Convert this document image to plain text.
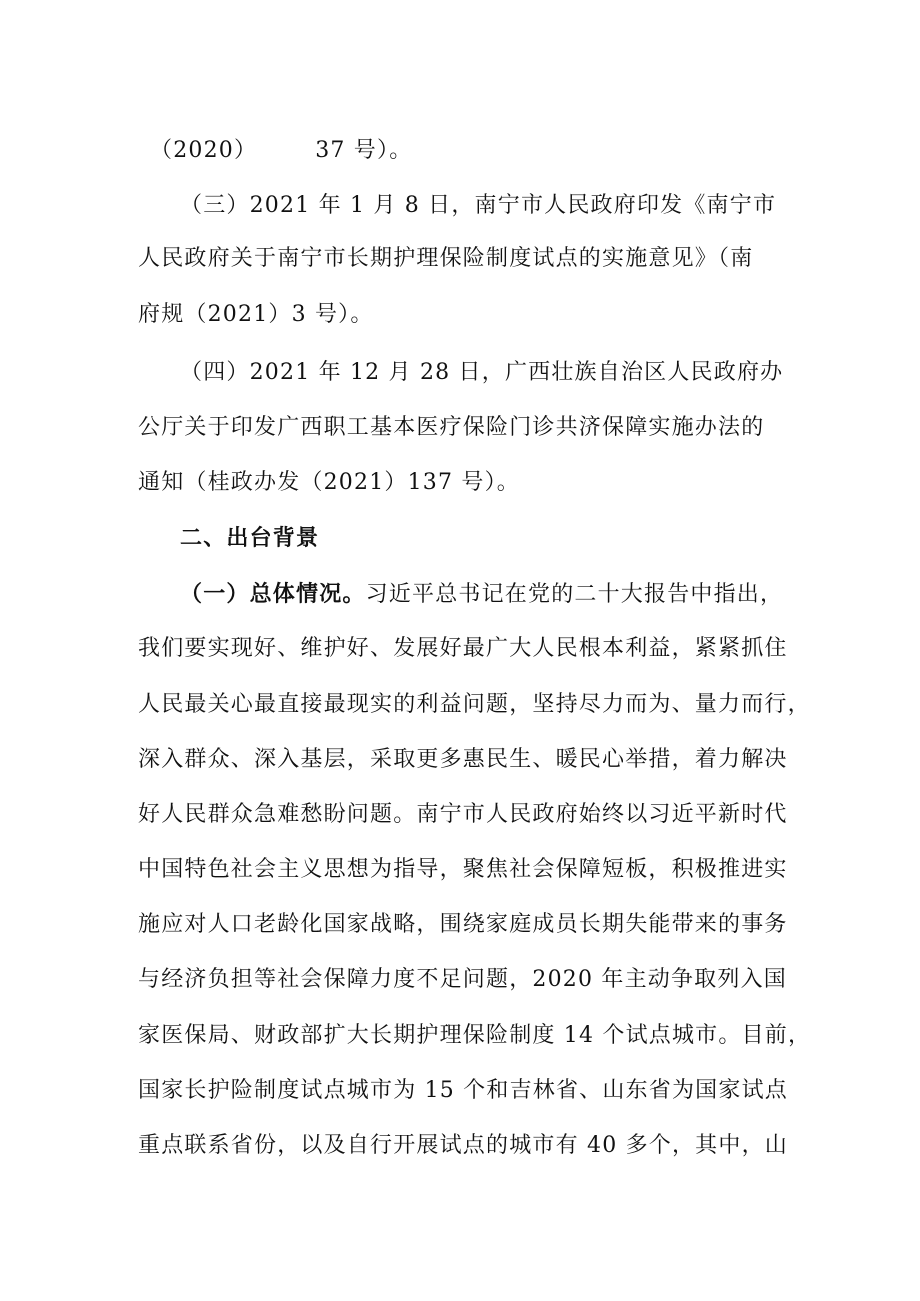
（2020）	37 号）。
（三）2021 年 1 月 8 日，南宁市人民政府印发《南宁市
人民政府关于南宁市长期护理保险制度试点的实施意见》（南
府规（2021）3 号）。
（四）2021 年 12 月 28 日，广西壮族自治区人民政府办
公厅关于印发广西职工基本医疗保险门诊共济保障实施办法的
通知（桂政办发（2021）137 号）。
二、出台背景
（一）总体情况。习近平总书记在党的二十大报告中指出，
我们要实现好、维护好、发展好最广大人民根本利益，紧紧抓住
人民最关心最直接最现实的利益问题，坚持尽力而为、量力而行，
深入群众、深入基层，采取更多惠民生、暖民心举措，着力解决
好人民群众急难愁盼问题。南宁市人民政府始终以习近平新时代
中国特色社会主义思想为指导，聚焦社会保障短板，积极推进实
施应对人口老龄化国家战略，围绕家庭成员长期失能带来的事务
与经济负担等社会保障力度不足问题，2020 年主动争取列入国
家医保局、财政部扩大长期护理保险制度 14 个试点城市。目前，
国家长护险制度试点城市为 15 个和吉林省、山东省为国家试点
重点联系省份，以及自行开展试点的城市有 40 多个，其中，山
